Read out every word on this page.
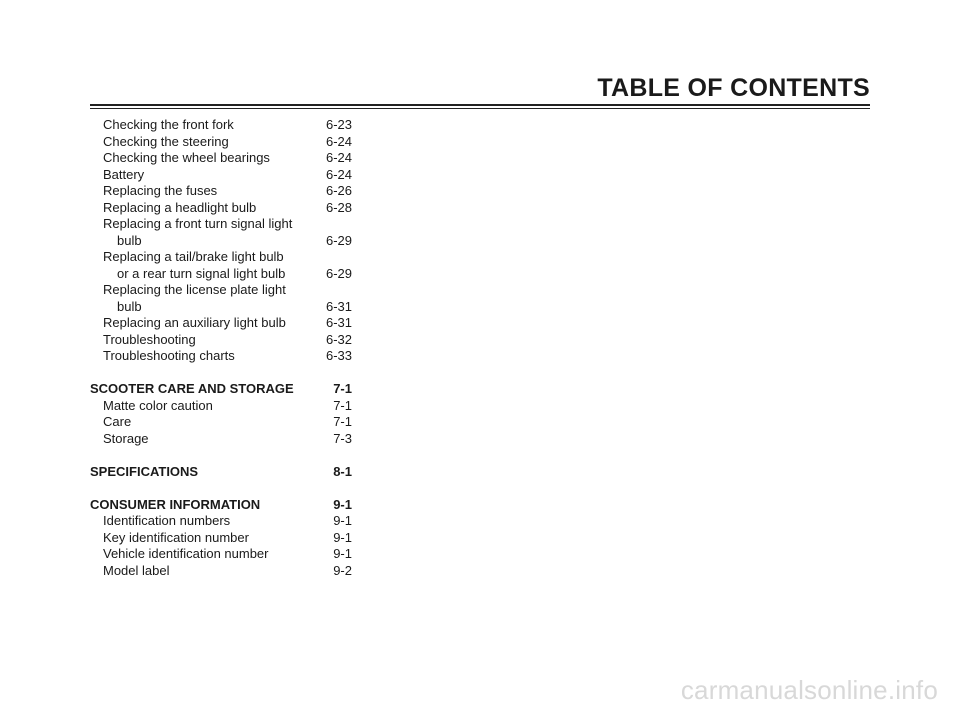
TABLE OF CONTENTS
Checking the front fork	6-23
Checking the steering	6-24
Checking the wheel bearings	6-24
Battery	6-24
Replacing the fuses	6-26
Replacing a headlight bulb	6-28
Replacing a front turn signal light
bulb	6-29
Replacing a tail/brake light bulb
or a rear turn signal light bulb	6-29
Replacing the license plate light
bulb	6-31
Replacing an auxiliary light bulb	6-31
Troubleshooting	6-32
Troubleshooting charts	6-33
SCOOTER CARE AND STORAGE	7-1
Matte color caution	7-1
Care	7-1
Storage	7-3
SPECIFICATIONS	8-1
CONSUMER INFORMATION	9-1
Identification numbers	9-1
Key identification number	9-1
Vehicle identification number	9-1
Model label	9-2
carmanualsonline.info
